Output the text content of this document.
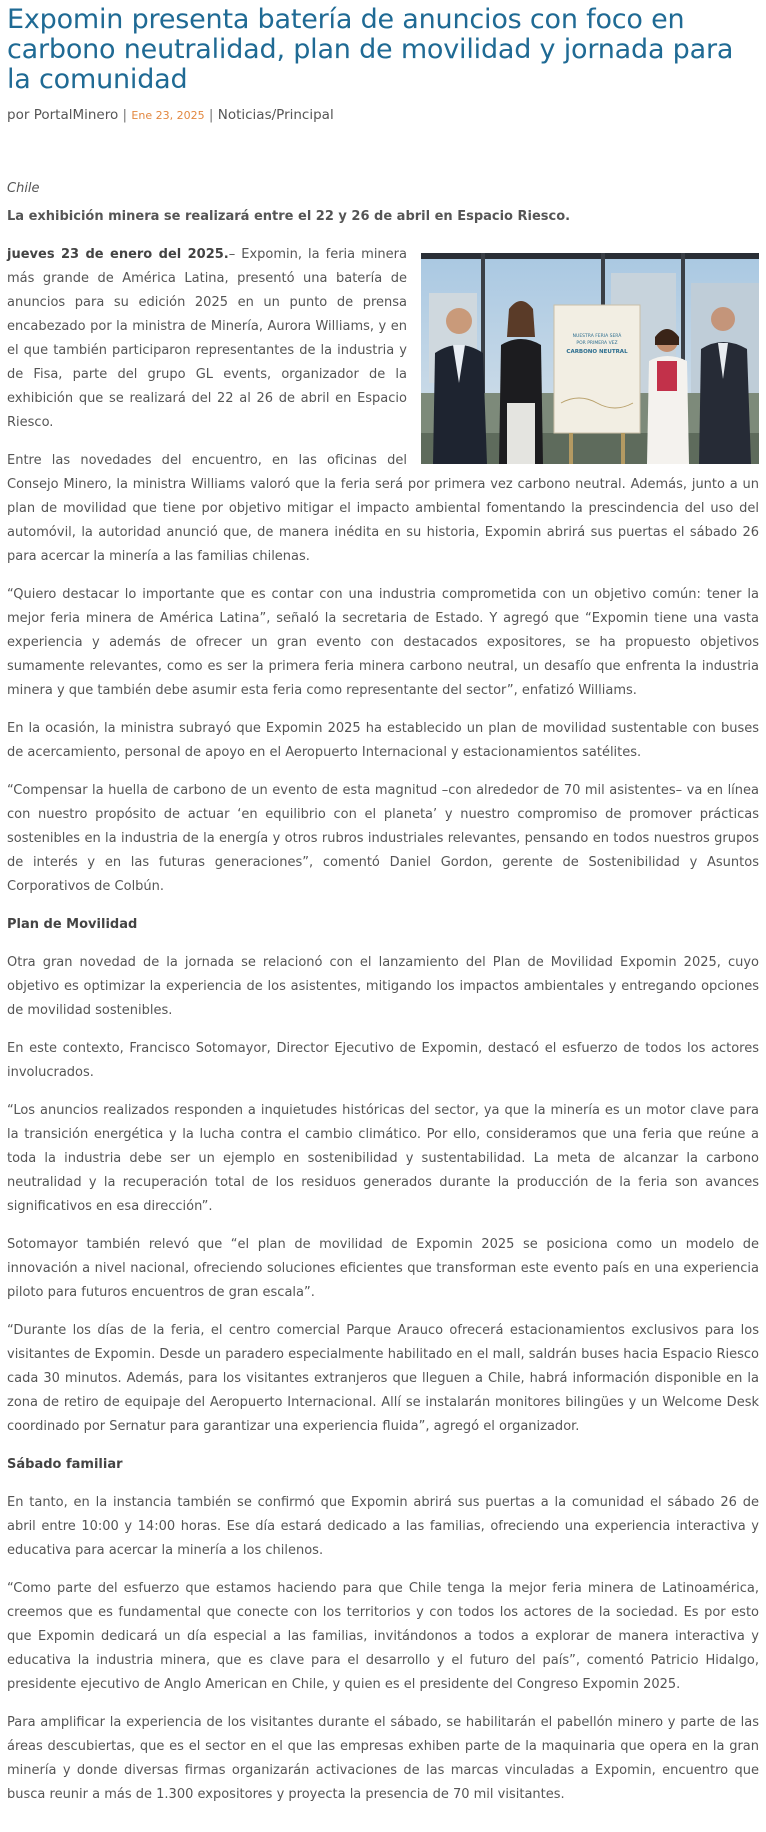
Expomin presenta batería de anuncios con foco en carbono neutralidad, plan de movilidad y jornada para la comunidad
por PortalMinero | Ene 23, 2025 | Noticias/Principal

Chile

La exhibición minera se realizará entre el 22 y 26 de abril en Espacio Riesco.

NUESTRA FERIA SERÁ
POR PRIMERA VEZ
CARBONO NEUTRAL

jueves 23 de enero del 2025.– Expomin, la feria minera más grande de América Latina, presentó una batería de anuncios para su edición 2025 en un punto de prensa encabezado por la ministra de Minería, Aurora Williams, y en el que también participaron representantes de la industria y de Fisa, parte del grupo GL events, organizador de la exhibición que se realizará del 22 al 26 de abril en Espacio Riesco.

Entre las novedades del encuentro, en las oficinas del Consejo Minero, la ministra Williams valoró que la feria será por primera vez carbono neutral. Además, junto a un plan de movilidad que tiene por objetivo mitigar el impacto ambiental fomentando la prescindencia del uso del automóvil, la autoridad anunció que, de manera inédita en su historia, Expomin abrirá sus puertas el sábado 26 para acercar la minería a las familias chilenas.

“Quiero destacar lo importante que es contar con una industria comprometida con un objetivo común: tener la mejor feria minera de América Latina”, señaló la secretaria de Estado. Y agregó que “Expomin tiene una vasta experiencia y además de ofrecer un gran evento con destacados expositores, se ha propuesto objetivos sumamente relevantes, como es ser la primera feria minera carbono neutral, un desafío que enfrenta la industria minera y que también debe asumir esta feria como representante del sector”, enfatizó Williams.

En la ocasión, la ministra subrayó que Expomin 2025 ha establecido un plan de movilidad sustentable con buses de acercamiento, personal de apoyo en el Aeropuerto Internacional y estacionamientos satélites.

“Compensar la huella de carbono de un evento de esta magnitud –con alrededor de 70 mil asistentes– va en línea con nuestro propósito de actuar ‘en equilibrio con el planeta’ y nuestro compromiso de promover prácticas sostenibles en la industria de la energía y otros rubros industriales relevantes, pensando en todos nuestros grupos de interés y en las futuras generaciones”, comentó Daniel Gordon, gerente de Sostenibilidad y Asuntos Corporativos de Colbún.

Plan de Movilidad

Otra gran novedad de la jornada se relacionó con el lanzamiento del Plan de Movilidad Expomin 2025, cuyo objetivo es optimizar la experiencia de los asistentes, mitigando los impactos ambientales y entregando opciones de movilidad sostenibles.

En este contexto, Francisco Sotomayor, Director Ejecutivo de Expomin, destacó el esfuerzo de todos los actores involucrados.

“Los anuncios realizados responden a inquietudes históricas del sector, ya que la minería es un motor clave para la transición energética y la lucha contra el cambio climático. Por ello, consideramos que una feria que reúne a toda la industria debe ser un ejemplo en sostenibilidad y sustentabilidad. La meta de alcanzar la carbono neutralidad y la recuperación total de los residuos generados durante la producción de la feria son avances significativos en esa dirección”.

Sotomayor también relevó que “el plan de movilidad de Expomin 2025 se posiciona como un modelo de innovación a nivel nacional, ofreciendo soluciones eficientes que transforman este evento país en una experiencia piloto para futuros encuentros de gran escala”.

“Durante los días de la feria, el centro comercial Parque Arauco ofrecerá estacionamientos exclusivos para los visitantes de Expomin. Desde un paradero especialmente habilitado en el mall, saldrán buses hacia Espacio Riesco cada 30 minutos. Además, para los visitantes extranjeros que lleguen a Chile, habrá información disponible en la zona de retiro de equipaje del Aeropuerto Internacional. Allí se instalarán monitores bilingües y un Welcome Desk coordinado por Sernatur para garantizar una experiencia fluida”, agregó el organizador.

Sábado familiar

En tanto, en la instancia también se confirmó que Expomin abrirá sus puertas a la comunidad el sábado 26 de abril entre 10:00 y 14:00 horas. Ese día estará dedicado a las familias, ofreciendo una experiencia interactiva y educativa para acercar la minería a los chilenos.

“Como parte del esfuerzo que estamos haciendo para que Chile tenga la mejor feria minera de Latinoamérica, creemos que es fundamental que conecte con los territorios y con todos los actores de la sociedad. Es por esto que Expomin dedicará un día especial a las familias, invitándonos a todos a explorar de manera interactiva y educativa la industria minera, que es clave para el desarrollo y el futuro del país”, comentó Patricio Hidalgo, presidente ejecutivo de Anglo American en Chile, y quien es el presidente del Congreso Expomin 2025.

Para amplificar la experiencia de los visitantes durante el sábado, se habilitarán el pabellón minero y parte de las áreas descubiertas, que es el sector en el que las empresas exhiben parte de la maquinaria que opera en la gran minería y donde diversas firmas organizarán activaciones de las marcas vinculadas a Expomin, encuentro que busca reunir a más de 1.300 expositores y proyecta la presencia de 70 mil visitantes.
